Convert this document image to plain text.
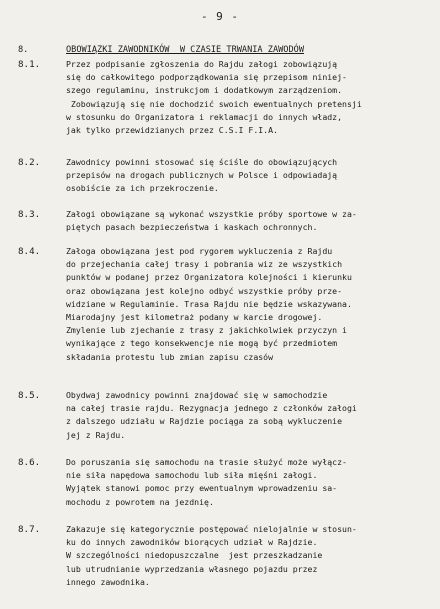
- 9 -
8.	OBOWIĄZKI ZAWODNIKÓW  W CZASIE TRWANIA ZAWODÓW
8.1.	Przez podpisanie zgłoszenia do Rajdu załogi zobowiązują
się do całkowitego podporządkowania się przepisom niniej-
szego regulaminu, instrukcjom i dodatkowym zarządzeniom.
Zobowiązują się nie dochodzić swoich ewentualnych pretensji
w stosunku do Organizatora i reklamacji do innych władz,
jak tylko przewidzianych przez C.S.I F.I.A.
8.2.	Zawodnicy powinni stosować się ściśle do obowiązujących
przepisów na drogach publicznych w Polsce i odpowiadają
osobiście za ich przekroczenie.
8.3.	Załogi obowiązane są wykonać wszystkie próby sportowe w za-
piętych pasach bezpieczeństwa i kaskach ochronnych.
8.4.	Załoga obowiązana jest pod rygorem wykluczenia z Rajdu
do przejechania całej trasy i pobrania wiz ze wszystkich
punktów w podanej przez Organizatora kolejności i kierunku
oraz obowiązana jest kolejno odbyć wszystkie próby prze-
widziane w Regulaminie. Trasa Rajdu nie będzie wskazywana.
Miarodajny jest kilometraż podany w karcie drogowej.
Zmylenie lub zjechanie z trasy z jakichkolwiek przyczyn i
wynikające z tego konsekwencje nie mogą być przedmiotem
składania protestu lub zmian zapisu czasów
8.5.	Obydwaj zawodnicy powinni znajdować się w samochodzie
na całej trasie rajdu. Rezygnacja jednego z członków załogi
z dalszego udziału w Rajdzie pociąga za sobą wykluczenie
jej z Rajdu.
8.6.	Do poruszania się samochodu na trasie służyć może wyłącz-
nie siła napędowa samochodu lub siła mięśni załogi.
Wyjątek stanowi pomoc przy ewentualnym wprowadzeniu sa-
mochodu z powrotem na jezdnię.
8.7.	Zakazuje się kategorycznie postępować nielojalnie w stosun-
ku do innych zawodników biorących udział w Rajdzie.
W szczególności niedopuszczalne  jest przeszkadzanie
lub utrudnianie wyprzedzania własnego pojazdu przez
innego zawodnika.
